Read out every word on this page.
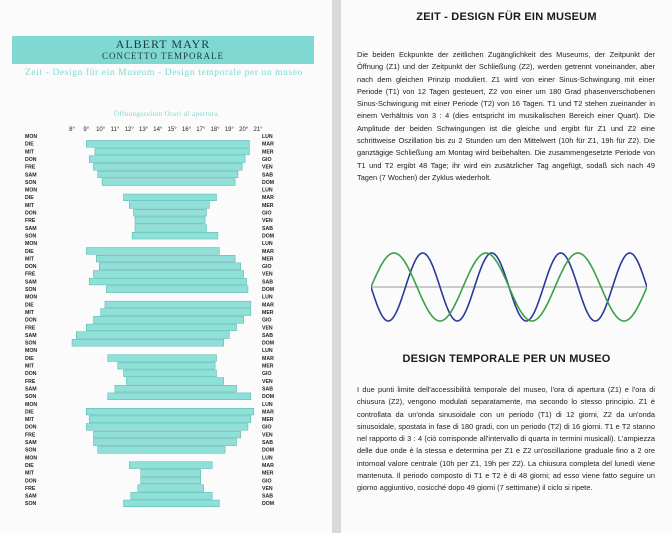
ALBERT MAYR
CONCETTO TEMPORALE
Zeit - Design für ein Museum - Design temporale per un museo
Öffnungszeiten Orari di apertura
8° 9° 10° 11° 12° 13° 14° 15° 16° 17° 18° 19° 20° 21°
MON	LUN
DIE	MAR
MIT	MER
DON	GIO
FRE	VEN
SAM	SAB
SON	DOM
MON	LUN
DIE	MAR
MIT	MER
DON	GIO
FRE	VEN
SAM	SAB
SON	DOM
MON	LUN
DIE	MAR
MIT	MER
DON	GIO
FRE	VEN
SAM	SAB
SON	DOM
MON	LUN
DIE	MAR
MIT	MER
DON	GIO
FRE	VEN
SAM	SAB
SON	DOM
MON	LUN
DIE	MAR
MIT	MER
DON	GIO
FRE	VEN
SAM	SAB
SON	DOM
MON	LUN
DIE	MAR
MIT	MER
DON	GIO
FRE	VEN
SAM	SAB
SON	DOM
MON	LUN
DIE	MAR
MIT	MER
DON	GIO
FRE	VEN
SAM	SAB
SON	DOM
ZEIT - DESIGN FÜR EIN MUSEUM

Die beiden Eckpunkte der zeitlichen Zugänglichkeit des Museums, der Zeitpunkt der Öffnung (Z1) und der Zeitpunkt der Schließung (Z2), werden getrennt voneinander, aber nach dem gleichen Prinzip moduliert. Z1 wird von einer Sinus-Schwingung mit einer Periode (T1) von 12 Tagen gesteuert, Z2 von einer um 180 Grad phasenverschobenen Sinus-Schwingung mit einer Periode (T2) von 16 Tagen. T1 und T2 stehen zueinander in einem Verhältnis von 3 : 4 (dies entspricht im musikalischen Bereich einer Quart). Die Amplitude der beiden Schwingungen ist die gleiche und ergibt für Z1 und Z2 eine schrittweise Oszillation bis zu 2 Stunden um den Mittelwert (10h für Z1, 19h für Z2). Die ganztägige Schließung am Montag wird beibehalten. Die zusammengesetzte Periode von T1 und T2 ergibt 48 Tage; ihr wird ein zusätzlicher Tag angefügt, sodaß sich nach 49 Tagen (7 Wochen) der Zyklus wiederholt.

DESIGN TEMPORALE PER UN MUSEO

I due punti limite dell'accessibilità temporale del museo, l'ora di apertura (Z1) e l'ora di chiusura (Z2), vengono modulati separatamente, ma secondo lo stesso principio. Z1 è controllata da un'onda sinusoidale con un periodo (T1) di 12 giorni, Z2 da un'onda sinusoidale, spostata in fase di 180 gradi, con un periodo (T2) di 16 giorni. T1 e T2 stanno nel rapporto di 3 : 4 (ciò corrisponde all'intervallo di quarta in termini musicali). L'ampiezza delle due onde è la stessa e determina per Z1 e Z2 un'oscillazione graduale fino a 2 ore intornoal valore centrale (10h per Z1, 19h per Z2). La chiusura completa del lunedì viene mantenuta. Il periodo composto di T1 e T2 è di 48 giorni; ad esso viene fatto seguire un giorno aggiuntivo, cosicché dopo 49 giorni (7 settimane) il ciclo si ripete.
